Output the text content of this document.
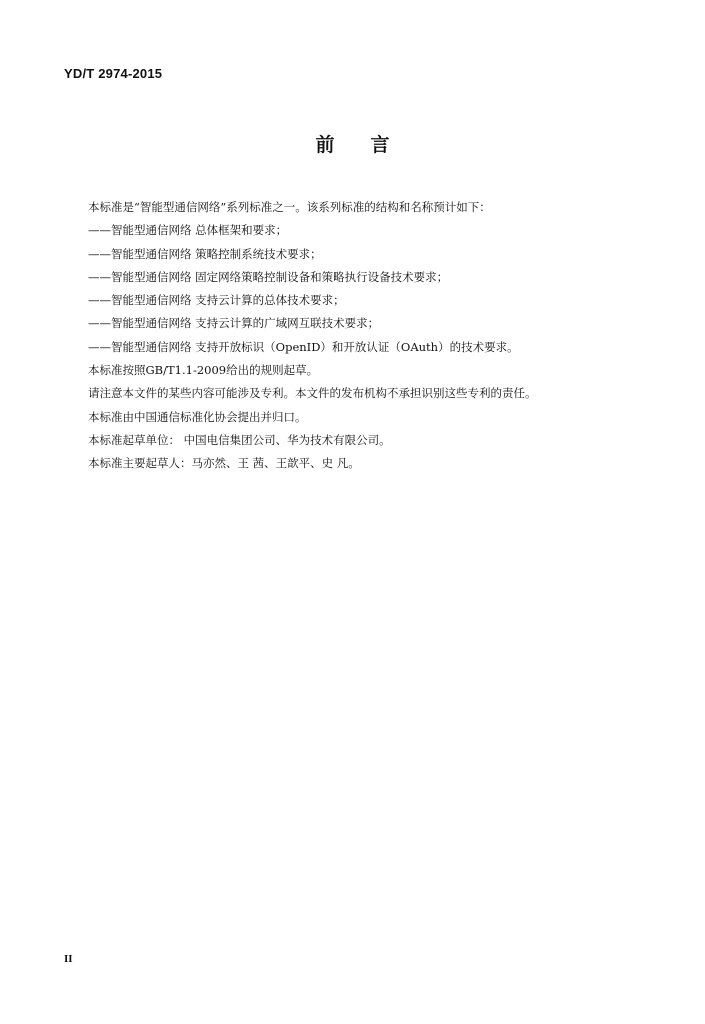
YD/T 2974-2015
前言
本标准是“智能型通信网络”系列标准之一。该系列标准的结构和名称预计如下：
——智能型通信网络 总体框架和要求；
——智能型通信网络 策略控制系统技术要求；
——智能型通信网络 固定网络策略控制设备和策略执行设备技术要求；
——智能型通信网络 支持云计算的总体技术要求；
——智能型通信网络 支持云计算的广域网互联技术要求；
——智能型通信网络 支持开放标识（OpenID）和开放认证（OAuth）的技术要求。
本标准按照GB/T1.1-2009给出的规则起草。
请注意本文件的某些内容可能涉及专利。本文件的发布机构不承担识别这些专利的责任。
本标准由中国通信标准化协会提出并归口。
本标准起草单位： 中国电信集团公司、华为技术有限公司。
本标准主要起草人：马亦然、王 茜、王歆平、史 凡。
II
